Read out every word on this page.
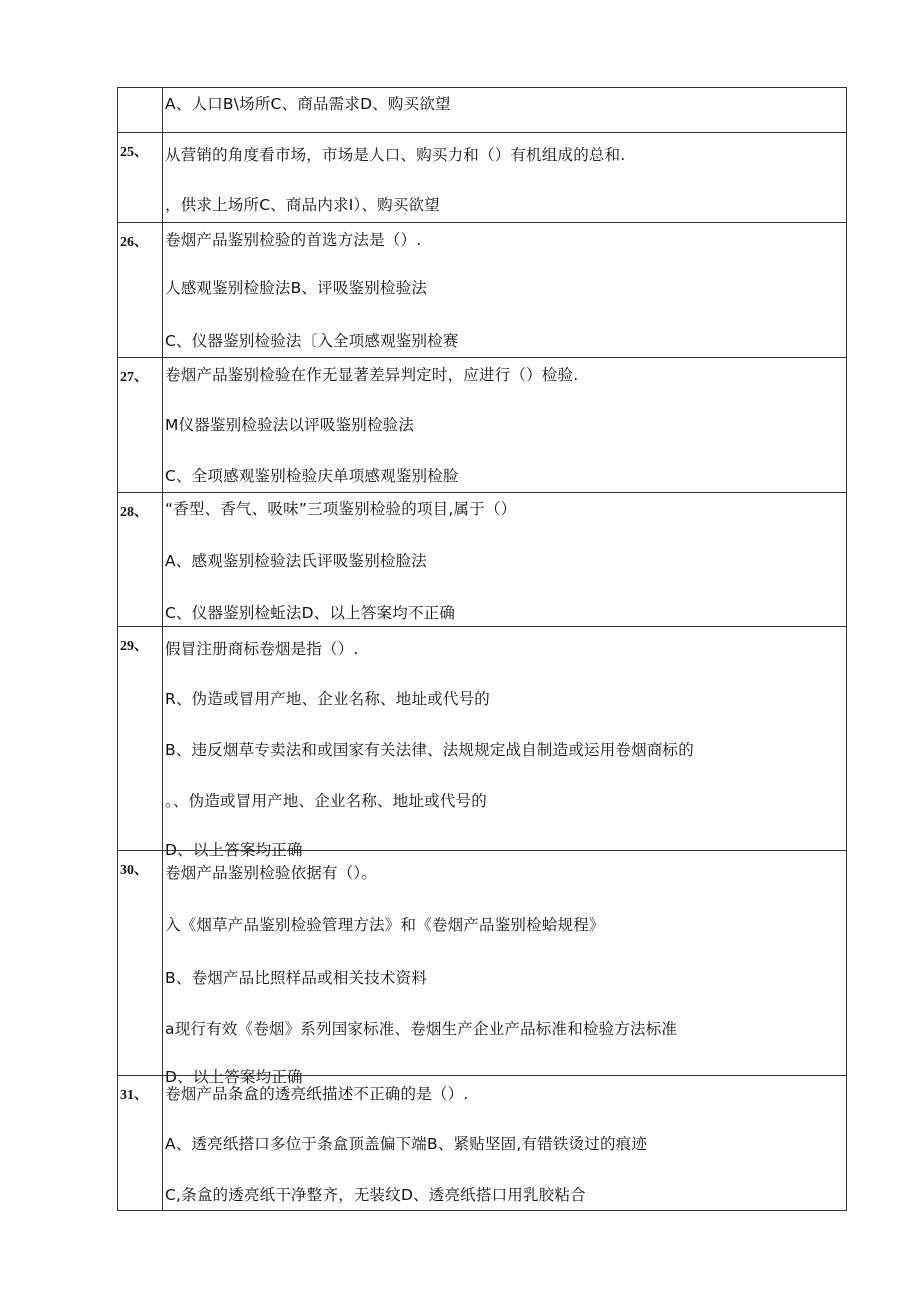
A、人口B\场所C、商品需求D、购买欲望
25、 从营销的角度看市场，市场是人口、购买力和（）有机组成的总和.
，供求上场所C、商品内求I）、购买欲望
26、 卷烟产品鉴别检验的首选方法是（）.
人感观鉴别检脸法B、评吸鉴别检验法
C、仪器鉴别检验法〔入全项感观鉴别检赛
27、 卷烟产品鉴别检验在作无显著差异判定时，应进行（）检验.
M仪器鉴别检验法以评吸鉴别检验法
C、全项感观鉴别检验庆单项感观鉴别检脸
28、 “香型、香气、吸味”三项鉴别检验的项目,属于（）
A、感观鉴别检验法氏评吸鉴别检脸法
C、仪器鉴别检蚯法D、以上答案均不正确
29、 假冒注册商标卷烟是指（）.
R、伪造或冒用产地、企业名称、地址或代号的
B、违反烟草专卖法和或国家有关法律、法规规定战自制造或运用卷烟商标的
。、伪造或冒用产地、企业名称、地址或代号的
D、以上答案均正确
30、 卷烟产品鉴别检验依据有（）。
入《烟草产品鉴别检验管理方法》和《卷烟产品鉴别检蛤规程》
B、卷烟产品比照样品或相关技术资料
a现行有效《卷烟》系列国家标准、卷烟生产企业产品标准和检验方法标准
D、以上答案均正确
31、 卷烟产品条盒的透亮纸描述不正确的是（）.
A、透亮纸搭口多位于条盒顶盖偏下端B、紧贴坚固,有错铁烫过的痕迹
C,条盒的透亮纸干净整齐，无装纹D、透亮纸搭口用乳胶粘合
